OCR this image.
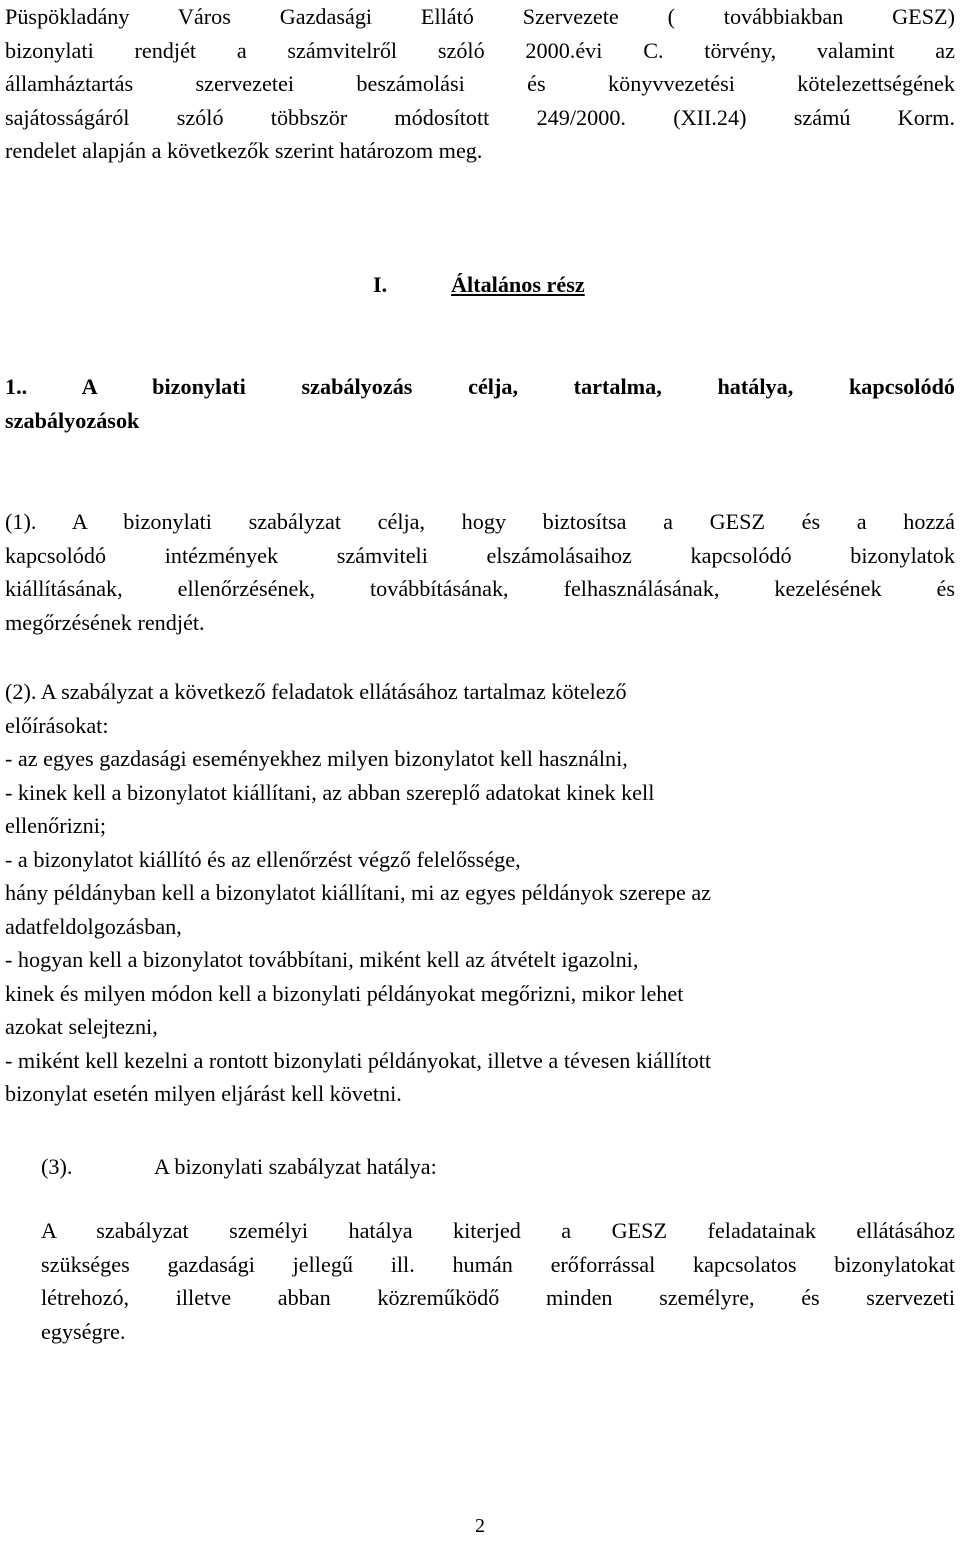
Püspökladány Város Gazdasági Ellátó Szervezete ( továbbiakban GESZ)
bizonylati rendjét a számvitelről szóló 2000.évi C. törvény, valamint az
államháztartás szervezetei beszámolási és könyvvezetési kötelezettségének
sajátosságáról szóló többször módosított 249/2000. (XII.24) számú Korm.
rendelet alapján a következők szerint határozom meg.
I.	Általános rész
1.. A bizonylati szabályozás célja, tartalma, hatálya, kapcsolódó
szabályozások
(1). A bizonylati szabályzat célja, hogy biztosítsa a GESZ és a hozzá
kapcsolódó intézmények számviteli elszámolásaihoz kapcsolódó bizonylatok
kiállításának, ellenőrzésének, továbbításának, felhasználásának, kezelésének és
megőrzésének rendjét.
(2). A szabályzat a következő feladatok ellátásához tartalmaz kötelező
előírásokat:
- az egyes gazdasági eseményekhez milyen bizonylatot kell használni,
- kinek kell a bizonylatot kiállítani, az abban szereplő adatokat kinek kell
ellenőrizni;
- a bizonylatot kiállító és az ellenőrzést végző felelőssége,
hány példányban kell a bizonylatot kiállítani, mi az egyes példányok szerepe az
adatfeldolgozásban,
- hogyan kell a bizonylatot továbbítani, miként kell az átvételt igazolni,
kinek és milyen módon kell a bizonylati példányokat megőrizni, mikor lehet
azokat selejtezni,
- miként kell kezelni a rontott bizonylati példányokat, illetve a tévesen kiállított
bizonylat esetén milyen eljárást kell követni.
(3).	A bizonylati szabályzat hatálya:
A szabályzat személyi hatálya kiterjed a GESZ feladatainak ellátásához
szükséges gazdasági jellegű ill. humán erőforrással kapcsolatos bizonylatokat
létrehozó, illetve abban közreműködő minden személyre, és szervezeti
egységre.
2
